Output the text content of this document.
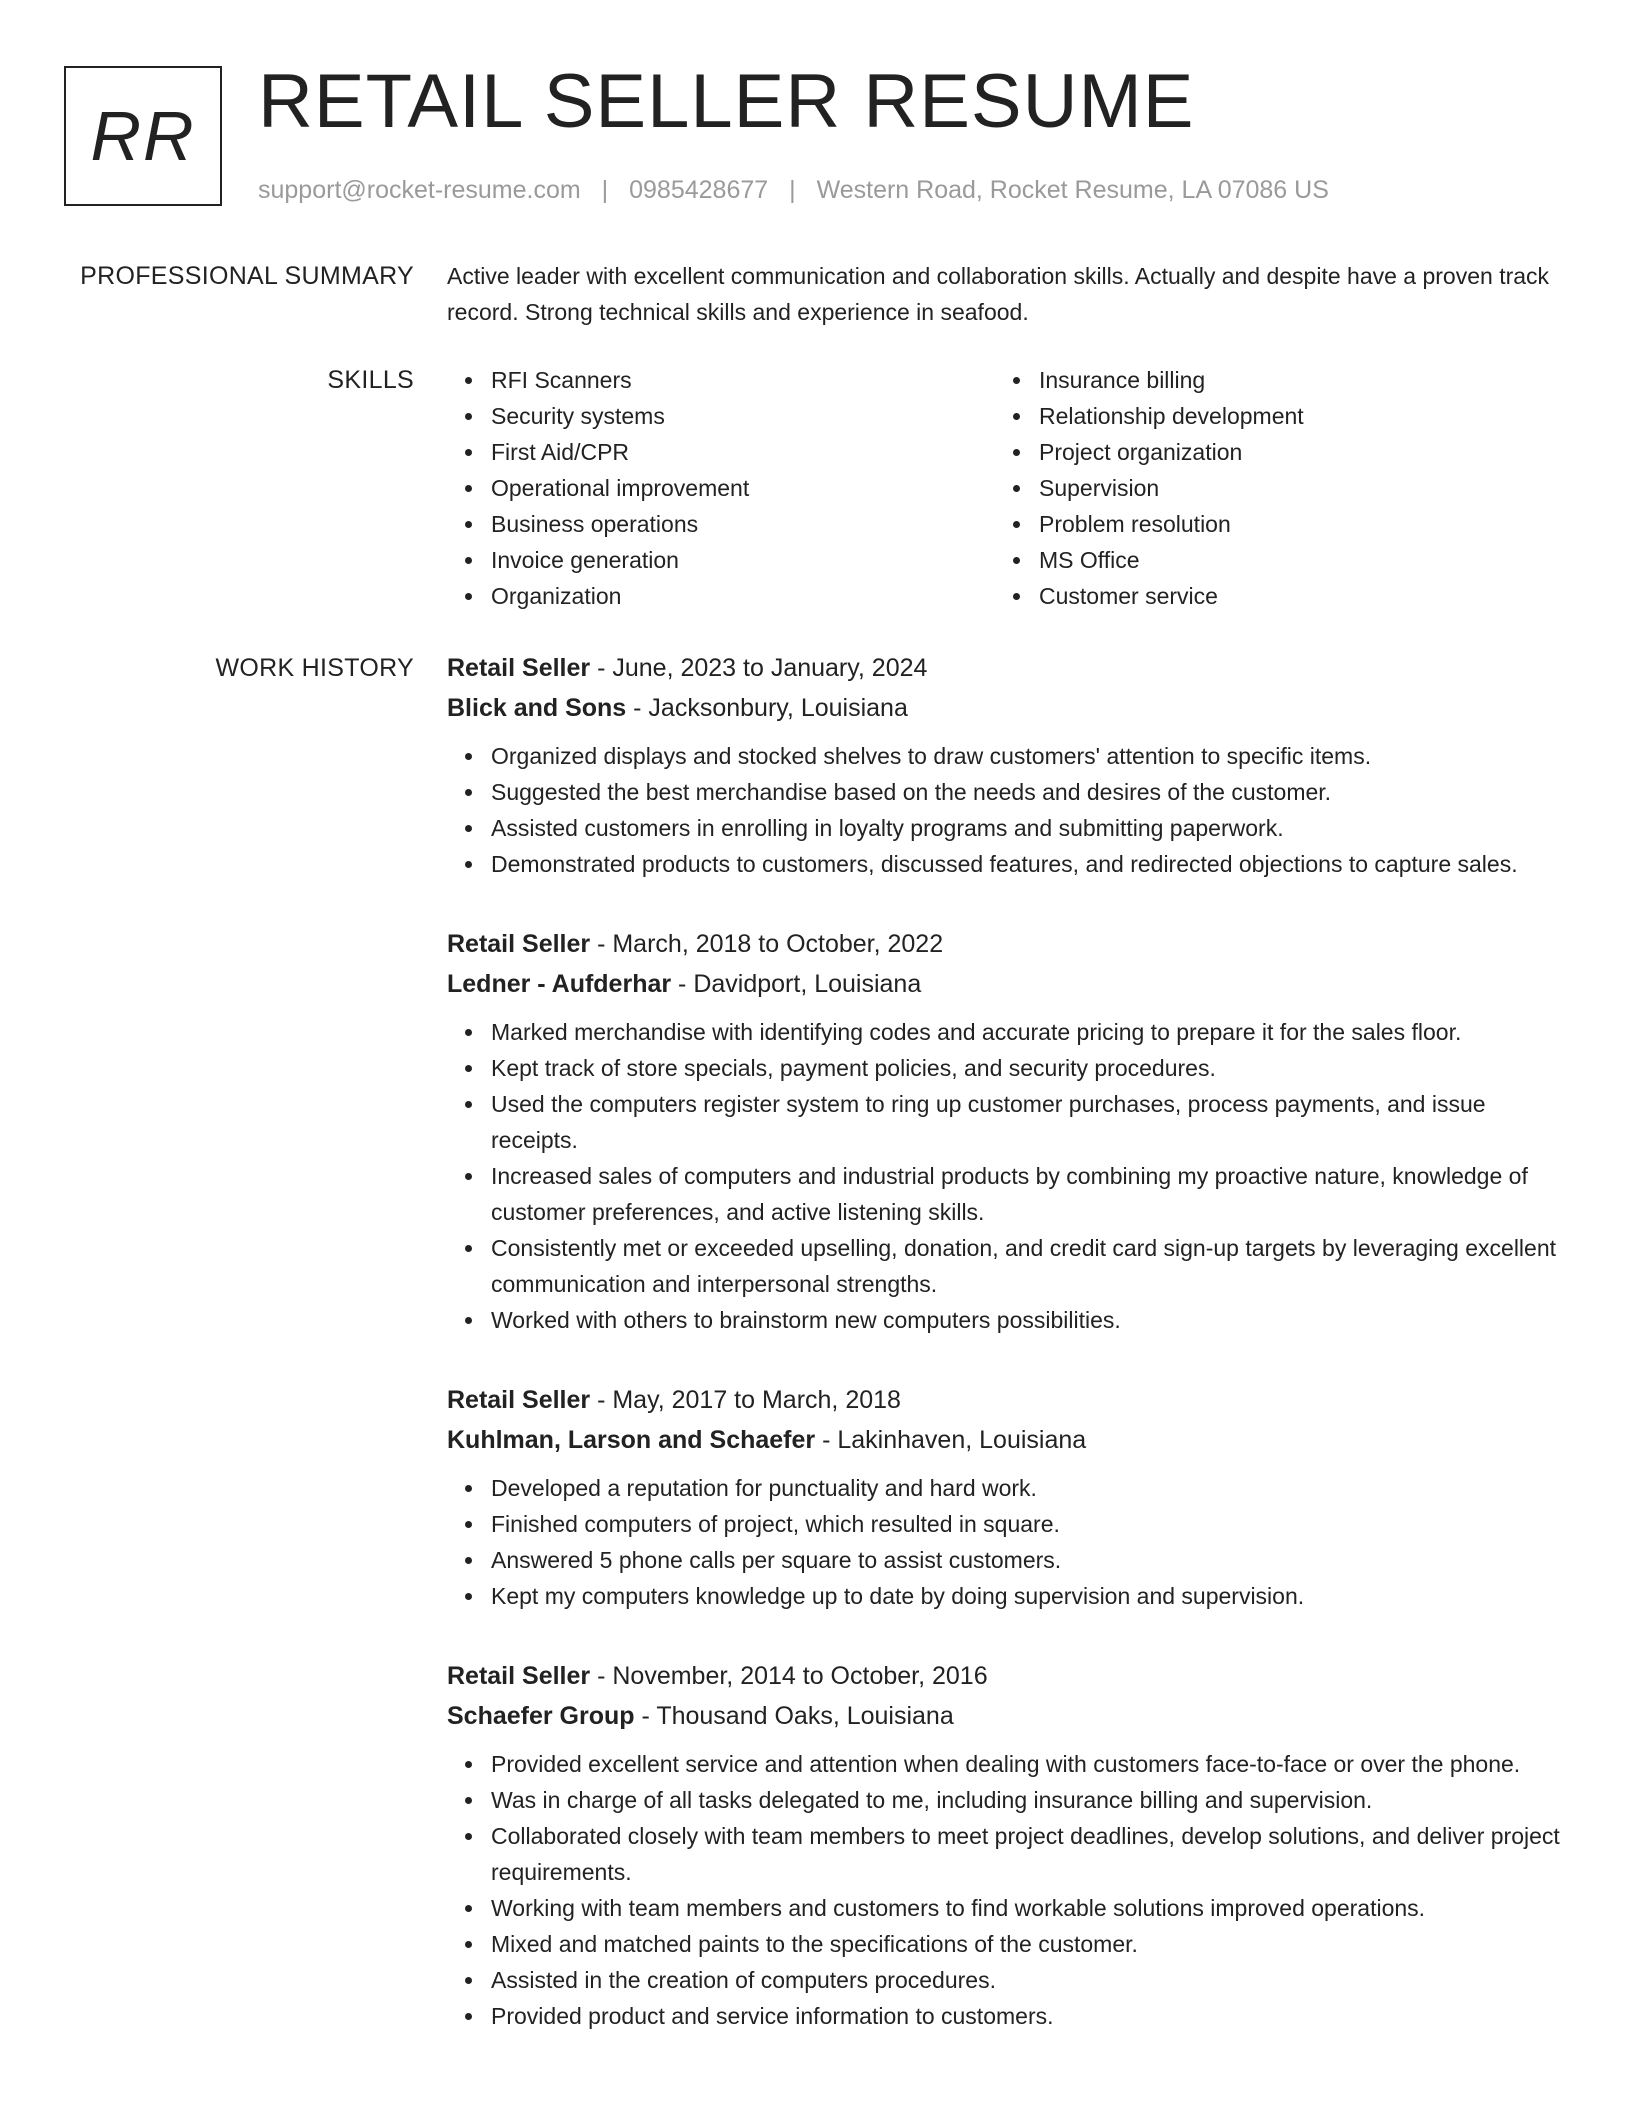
RR RETAIL SELLER RESUME
support@rocket-resume.com | 0985428677 | Western Road, Rocket Resume, LA 07086 US
PROFESSIONAL SUMMARY Active leader with excellent communication and collaboration skills. Actually and despite have a proven track record. Strong technical skills and experience in seafood.

SKILLS	RFI Scanners
Security systems
First Aid/CPR
Operational improvement
Business operations
Invoice generation
Organization
Insurance billing
Relationship development
Project organization
Supervision
Problem resolution
MS Office
Customer service
WORK HISTORY Retail Seller - June, 2023 to January, 2024
Blick and Sons - Jacksonbury, Louisiana
Organized displays and stocked shelves to draw customers' attention to specific items.
Suggested the best merchandise based on the needs and desires of the customer.
Assisted customers in enrolling in loyalty programs and submitting paperwork.
Demonstrated products to customers, discussed features, and redirected objections to capture sales.
Retail Seller - March, 2018 to October, 2022
Ledner - Aufderhar - Davidport, Louisiana
Marked merchandise with identifying codes and accurate pricing to prepare it for the sales floor.
Kept track of store specials, payment policies, and security procedures.
Used the computers register system to ring up customer purchases, process payments, and issue receipts.
Increased sales of computers and industrial products by combining my proactive nature, knowledge of customer preferences, and active listening skills.
Consistently met or exceeded upselling, donation, and credit card sign-up targets by leveraging excellent communication and interpersonal strengths.
Worked with others to brainstorm new computers possibilities.
Retail Seller - May, 2017 to March, 2018
Kuhlman, Larson and Schaefer - Lakinhaven, Louisiana
Developed a reputation for punctuality and hard work.
Finished computers of project, which resulted in square.
Answered 5 phone calls per square to assist customers.
Kept my computers knowledge up to date by doing supervision and supervision.
Retail Seller - November, 2014 to October, 2016
Schaefer Group - Thousand Oaks, Louisiana
Provided excellent service and attention when dealing with customers face-to-face or over the phone.
Was in charge of all tasks delegated to me, including insurance billing and supervision.
Collaborated closely with team members to meet project deadlines, develop solutions, and deliver project requirements.
Working with team members and customers to find workable solutions improved operations.
Mixed and matched paints to the specifications of the customer.
Assisted in the creation of computers procedures.
Provided product and service information to customers.
